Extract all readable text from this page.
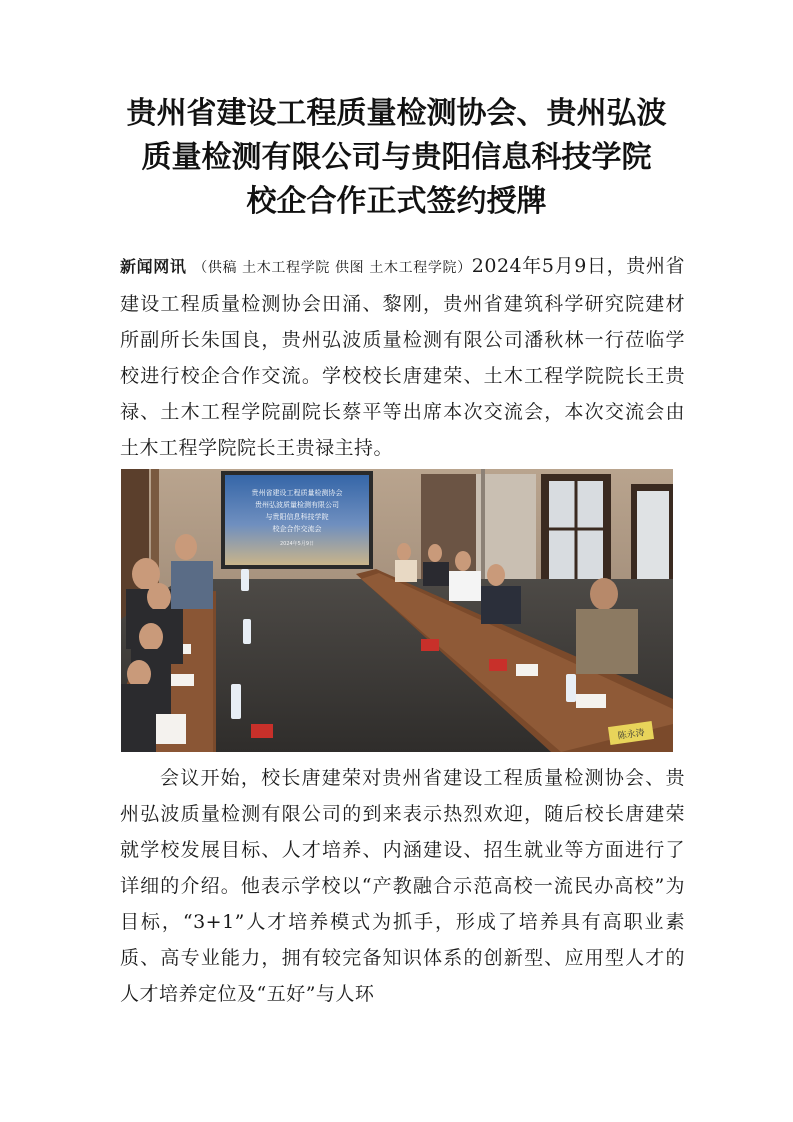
贵州省建设工程质量检测协会、贵州弘波
质量检测有限公司与贵阳信息科技学院
校企合作正式签约授牌
新闻网讯 （供稿 土木工程学院 供图 土木工程学院）2024年5月9日，贵州省建设工程质量检测协会田涌、黎刚，贵州省建筑科学研究院建材所副所长朱国良，贵州弘波质量检测有限公司潘秋林一行莅临学校进行校企合作交流。学校校长唐建荣、土木工程学院院长王贵禄、土木工程学院副院长蔡平等出席本次交流会，本次交流会由土木工程学院院长王贵禄主持。
贵州省建设工程质量检测协会
贵州弘波质量检测有限公司
与贵阳信息科技学院
校企合作交流会
2024年5月9日
陈永涛
会议开始，校长唐建荣对贵州省建设工程质量检测协会、贵州弘波质量检测有限公司的到来表示热烈欢迎，随后校长唐建荣就学校发展目标、人才培养、内涵建设、招生就业等方面进行了详细的介绍。他表示学校以“产教融合示范高校一流民办高校”为目标，“3+1”人才培养模式为抓手，形成了培养具有高职业素质、高专业能力，拥有较完备知识体系的创新型、应用型人才的人才培养定位及“五好”与人环
